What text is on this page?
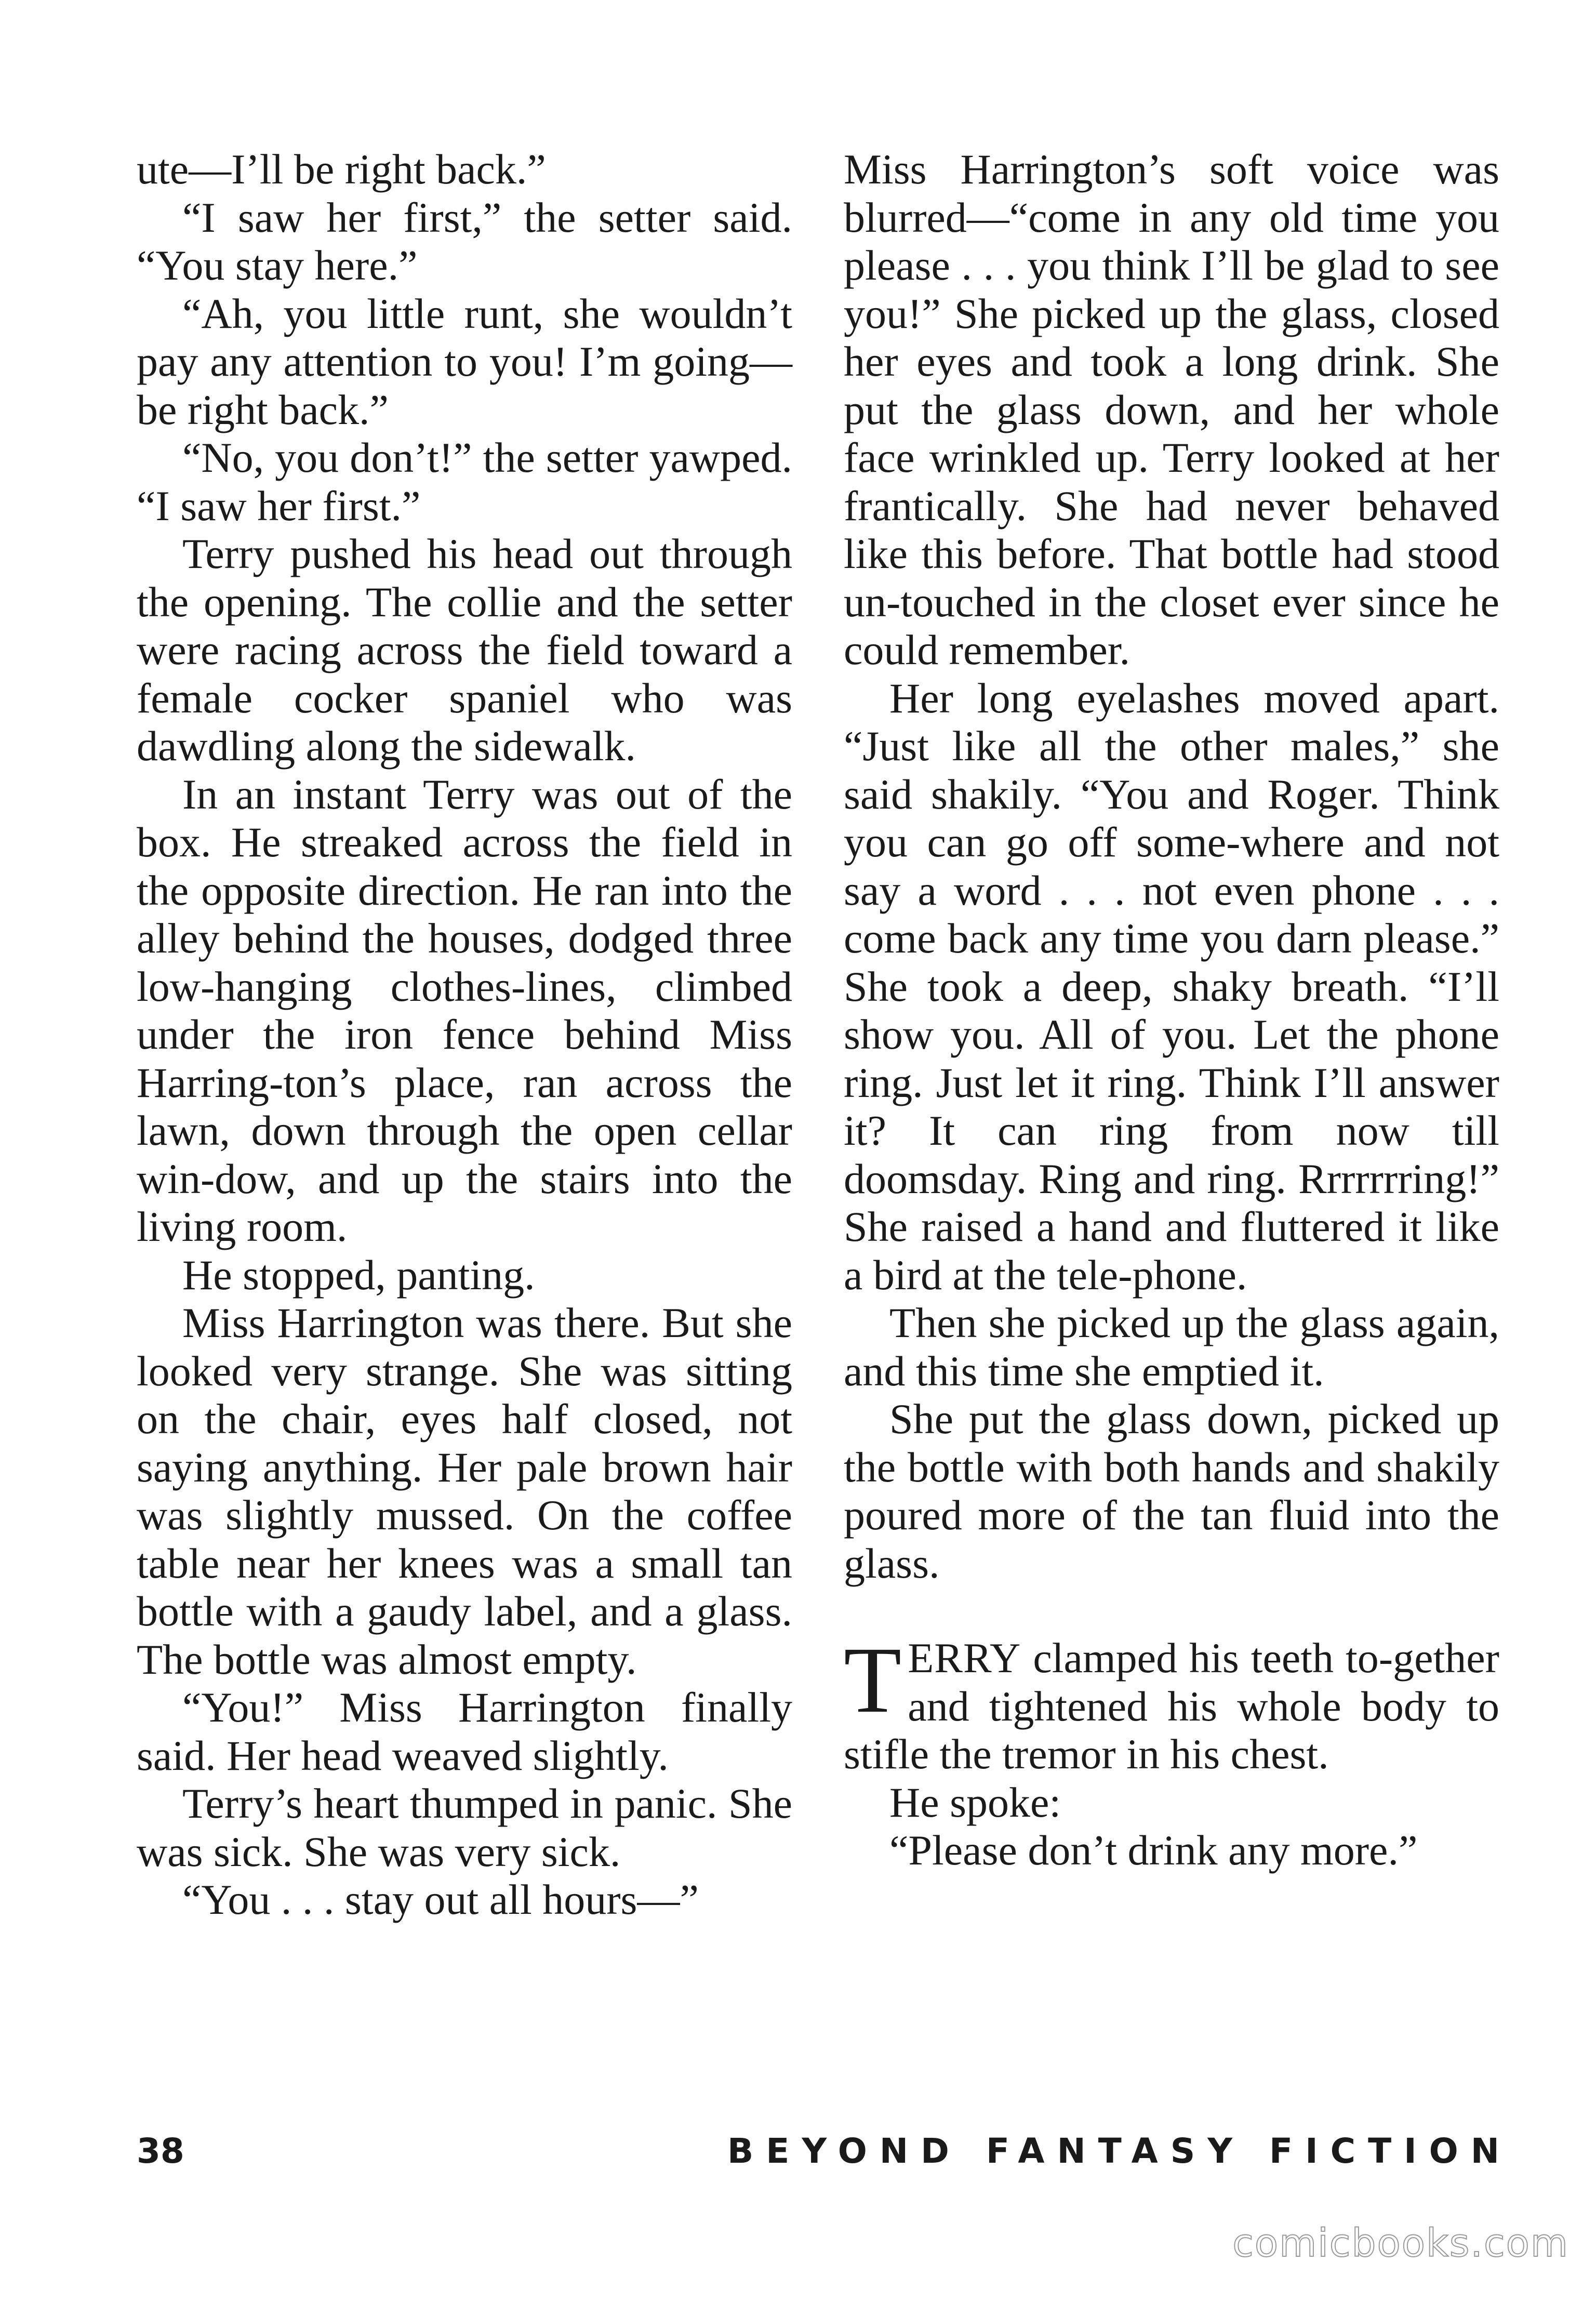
ute—I’ll be right back.”

“I saw her first,” the setter said. “You stay here.”

“Ah, you little runt, she wouldn’t pay any attention to you! I’m going—be right back.”

“No, you don’t!” the setter yawped. “I saw her first.”

Terry pushed his head out through the opening. The collie and the setter were racing across the field toward a female cocker spaniel who was dawdling along the sidewalk.

In an instant Terry was out of the box. He streaked across the field in the opposite direction. He ran into the alley behind the houses, dodged three low-hanging clothes-lines, climbed under the iron fence behind Miss Harring-ton’s place, ran across the lawn, down through the open cellar win-dow, and up the stairs into the living room.

He stopped, panting.

Miss Harrington was there. But she looked very strange. She was sitting on the chair, eyes half closed, not saying anything. Her pale brown hair was slightly mussed. On the coffee table near her knees was a small tan bottle with a gaudy label, and a glass. The bottle was almost empty.

“You!” Miss Harrington finally said. Her head weaved slightly.

Terry’s heart thumped in panic. She was sick. She was very sick.

“You . . . stay out all hours—”

Miss Harrington’s soft voice was blurred—“come in any old time you please . . . you think I’ll be glad to see you!” She picked up the glass, closed her eyes and took a long drink. She put the glass down, and her whole face wrinkled up. Terry looked at her frantically. She had never behaved like this before. That bottle had stood un-touched in the closet ever since he could remember.

Her long eyelashes moved apart. “Just like all the other males,” she said shakily. “You and Roger. Think you can go off some-where and not say a word . . . not even phone . . . come back any time you darn please.” She took a deep, shaky breath. “I’ll show you. All of you. Let the phone ring. Just let it ring. Think I’ll answer it? It can ring from now till doomsday. Ring and ring. Rrrrrrring!” She raised a hand and fluttered it like a bird at the tele-phone.

Then she picked up the glass again, and this time she emptied it.

She put the glass down, picked up the bottle with both hands and shakily poured more of the tan fluid into the glass.

TERRY clamped his teeth to-gether and tightened his whole body to stifle the tremor in his chest.

He spoke:

“Please don’t drink any more.”

38	BEYOND FANTASY FICTION
comicbooks.com
